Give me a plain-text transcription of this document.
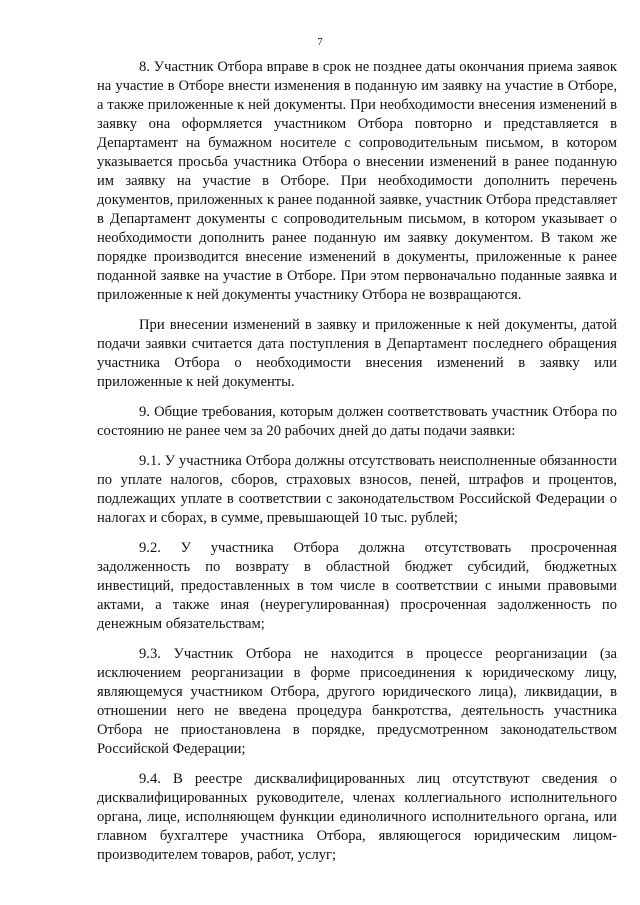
7

8. Участник Отбора вправе в срок не позднее даты окончания приема заявок на участие в Отборе внести изменения в поданную им заявку на участие в Отборе, а также приложенные к ней документы. При необходимости внесения изменений в заявку она оформляется участником Отбора повторно и представляется в Департамент на бумажном носителе с сопроводительным письмом, в котором указывается просьба участника Отбора о внесении изменений в ранее поданную им заявку на участие в Отборе. При необходимости дополнить перечень документов, приложенных к ранее поданной заявке, участник Отбора представляет в Департамент документы с сопроводительным письмом, в котором указывает о необходимости дополнить ранее поданную им заявку документом. В таком же порядке производится внесение изменений в документы, приложенные к ранее поданной заявке на участие в Отборе. При этом первоначально поданные заявка и приложенные к ней документы участнику Отбора не возвращаются.

При внесении изменений в заявку и приложенные к ней документы, датой подачи заявки считается дата поступления в Департамент последнего обращения участника Отбора о необходимости внесения изменений в заявку или приложенные к ней документы.

9. Общие требования, которым должен соответствовать участник Отбора по состоянию не ранее чем за 20 рабочих дней до даты подачи заявки:

9.1. У участника Отбора должны отсутствовать неисполненные обязанности по уплате налогов, сборов, страховых взносов, пеней, штрафов и процентов, подлежащих уплате в соответствии с законодательством Российской Федерации о налогах и сборах, в сумме, превышающей 10 тыс. рублей;

9.2. У участника Отбора должна отсутствовать просроченная задолженность по возврату в областной бюджет субсидий, бюджетных инвестиций, предоставленных в том числе в соответствии с иными правовыми актами, а также иная (неурегулированная) просроченная задолженность по денежным обязательствам;

9.3. Участник Отбора не находится в процессе реорганизации (за исключением реорганизации в форме присоединения к юридическому лицу, являющемуся участником Отбора, другого юридического лица), ликвидации, в отношении него не введена процедура банкротства, деятельность участника Отбора не приостановлена в порядке, предусмотренном законодательством Российской Федерации;

9.4. В реестре дисквалифицированных лиц отсутствуют сведения о дисквалифицированных руководителе, членах коллегиального исполнительного органа, лице, исполняющем функции единоличного исполнительного органа, или главном бухгалтере участника Отбора, являющегося юридическим лицом-производителем товаров, работ, услуг;
